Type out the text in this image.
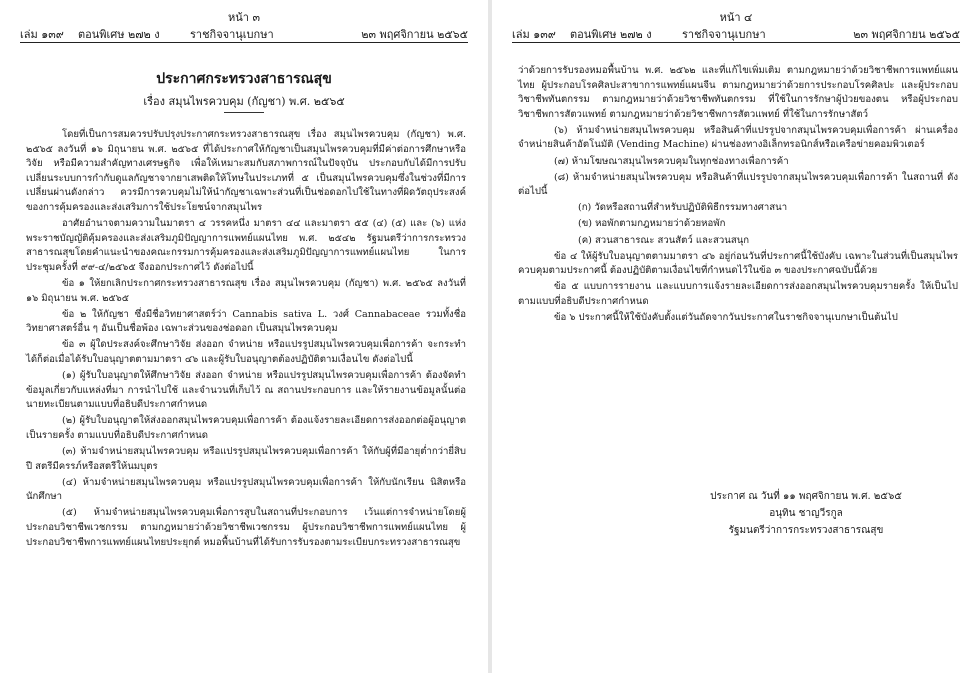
หน้า ๓
เล่ม ๑๓๙ ตอนพิเศษ ๒๗๒ ง	ราชกิจจานุเบกษา	๒๓ พฤศจิกายน ๒๕๖๕
ประกาศกระทรวงสาธารณสุข
เรื่อง สมุนไพรควบคุม (กัญชา) พ.ศ. ๒๕๖๕

โดยที่เป็นการสมควรปรับปรุงประกาศกระทรวงสาธารณสุข เรื่อง สมุนไพรควบคุม (กัญชา) พ.ศ. ๒๕๖๕ ลงวันที่ ๑๖ มิถุนายน พ.ศ. ๒๕๖๕ ที่ได้ประกาศให้กัญชาเป็นสมุนไพรควบคุมที่มีค่าต่อการศึกษาหรือวิจัย หรือมีความสำคัญทางเศรษฐกิจ เพื่อให้เหมาะสมกับสภาพการณ์ในปัจจุบัน ประกอบกับได้มีการปรับเปลี่ยนระบบการกำกับดูแลกัญชาจากยาเสพติดให้โทษในประเภทที่ ๕ เป็นสมุนไพรควบคุมซึ่งในช่วงที่มีการเปลี่ยนผ่านดังกล่าว ควรมีการควบคุมไม่ให้นำกัญชาเฉพาะส่วนที่เป็นช่อดอกไปใช้ในทางที่ผิดวัตถุประสงค์ของการคุ้มครองและส่งเสริมการใช้ประโยชน์จากสมุนไพร

อาศัยอำนาจตามความในมาตรา ๔ วรรคหนึ่ง มาตรา ๔๔ และมาตรา ๕๕ (๔) (๕) และ (๖) แห่งพระราชบัญญัติคุ้มครองและส่งเสริมภูมิปัญญาการแพทย์แผนไทย พ.ศ. ๒๕๔๒ รัฐมนตรีว่าการกระทรวงสาธารณสุขโดยคำแนะนำของคณะกรรมการคุ้มครองและส่งเสริมภูมิปัญญาการแพทย์แผนไทย ในการประชุมครั้งที่ ๙๙-๔/๒๕๖๕ จึงออกประกาศไว้ ดังต่อไปนี้

ข้อ ๑ ให้ยกเลิกประกาศกระทรวงสาธารณสุข เรื่อง สมุนไพรควบคุม (กัญชา) พ.ศ. ๒๕๖๕ ลงวันที่ ๑๖ มิถุนายน พ.ศ. ๒๕๖๕

ข้อ ๒ ให้กัญชา ซึ่งมีชื่อวิทยาศาสตร์ว่า Cannabis sativa L. วงศ์ Cannabaceae รวมทั้งชื่อวิทยาศาสตร์อื่น ๆ อันเป็นชื่อพ้อง เฉพาะส่วนของช่อดอก เป็นสมุนไพรควบคุม

ข้อ ๓ ผู้ใดประสงค์จะศึกษาวิจัย ส่งออก จำหน่าย หรือแปรรูปสมุนไพรควบคุมเพื่อการค้า จะกระทำได้ก็ต่อเมื่อได้รับใบอนุญาตตามมาตรา ๔๖ และผู้รับใบอนุญาตต้องปฏิบัติตามเงื่อนไข ดังต่อไปนี้

(๑) ผู้รับใบอนุญาตให้ศึกษาวิจัย ส่งออก จำหน่าย หรือแปรรูปสมุนไพรควบคุมเพื่อการค้า ต้องจัดทำข้อมูลเกี่ยวกับแหล่งที่มา การนำไปใช้ และจำนวนที่เก็บไว้ ณ สถานประกอบการ และให้รายงานข้อมูลนั้นต่อนายทะเบียนตามแบบที่อธิบดีประกาศกำหนด

(๒) ผู้รับใบอนุญาตให้ส่งออกสมุนไพรควบคุมเพื่อการค้า ต้องแจ้งรายละเอียดการส่งออกต่อผู้อนุญาตเป็นรายครั้ง ตามแบบที่อธิบดีประกาศกำหนด

(๓) ห้ามจำหน่ายสมุนไพรควบคุม หรือแปรรูปสมุนไพรควบคุมเพื่อการค้า ให้กับผู้ที่มีอายุต่ำกว่ายี่สิบปี สตรีมีครรภ์หรือสตรีให้นมบุตร

(๔) ห้ามจำหน่ายสมุนไพรควบคุม หรือแปรรูปสมุนไพรควบคุมเพื่อการค้า ให้กับนักเรียน นิสิตหรือนักศึกษา

(๕) ห้ามจำหน่ายสมุนไพรควบคุมเพื่อการสูบในสถานที่ประกอบการ เว้นแต่การจำหน่ายโดยผู้ประกอบวิชาชีพเวชกรรม ตามกฎหมายว่าด้วยวิชาชีพเวชกรรม ผู้ประกอบวิชาชีพการแพทย์แผนไทย ผู้ประกอบวิชาชีพการแพทย์แผนไทยประยุกต์ หมอพื้นบ้านที่ได้รับการรับรองตามระเบียบกระทรวงสาธารณสุข

หน้า ๔
เล่ม ๑๓๙ ตอนพิเศษ ๒๗๒ ง	ราชกิจจานุเบกษา	๒๓ พฤศจิกายน ๒๕๖๕

ว่าด้วยการรับรองหมอพื้นบ้าน พ.ศ. ๒๕๖๒ และที่แก้ไขเพิ่มเติม ตามกฎหมายว่าด้วยวิชาชีพการแพทย์แผนไทย ผู้ประกอบโรคศิลปะสาขาการแพทย์แผนจีน ตามกฎหมายว่าด้วยการประกอบโรคศิลปะ และผู้ประกอบวิชาชีพทันตกรรม ตามกฎหมายว่าด้วยวิชาชีพทันตกรรม ที่ใช้ในการรักษาผู้ป่วยของตน หรือผู้ประกอบวิชาชีพการสัตวแพทย์ ตามกฎหมายว่าด้วยวิชาชีพการสัตวแพทย์ ที่ใช้ในการรักษาสัตว์

(๖) ห้ามจำหน่ายสมุนไพรควบคุม หรือสินค้าที่แปรรูปจากสมุนไพรควบคุมเพื่อการค้า ผ่านเครื่องจำหน่ายสินค้าอัตโนมัติ (Vending Machine) ผ่านช่องทางอิเล็กทรอนิกส์หรือเครือข่ายคอมพิวเตอร์

(๗) ห้ามโฆษณาสมุนไพรควบคุมในทุกช่องทางเพื่อการค้า

(๘) ห้ามจำหน่ายสมุนไพรควบคุม หรือสินค้าที่แปรรูปจากสมุนไพรควบคุมเพื่อการค้า ในสถานที่ ดังต่อไปนี้

(ก) วัดหรือสถานที่สำหรับปฏิบัติพิธีกรรมทางศาสนา

(ข) หอพักตามกฎหมายว่าด้วยหอพัก

(ค) สวนสาธารณะ สวนสัตว์ และสวนสนุก

ข้อ ๔ ให้ผู้รับใบอนุญาตตามมาตรา ๔๖ อยู่ก่อนวันที่ประกาศนี้ใช้บังคับ เฉพาะในส่วนที่เป็นสมุนไพรควบคุมตามประกาศนี้ ต้องปฏิบัติตามเงื่อนไขที่กำหนดไว้ในข้อ ๓ ของประกาศฉบับนี้ด้วย

ข้อ ๕ แบบการรายงาน และแบบการแจ้งรายละเอียดการส่งออกสมุนไพรควบคุมรายครั้ง ให้เป็นไปตามแบบที่อธิบดีประกาศกำหนด

ข้อ ๖ ประกาศนี้ให้ใช้บังคับตั้งแต่วันถัดจากวันประกาศในราชกิจจานุเบกษาเป็นต้นไป

ประกาศ ณ วันที่ ๑๑ พฤศจิกายน พ.ศ. ๒๕๖๕
อนุทิน ชาญวีรกูล
รัฐมนตรีว่าการกระทรวงสาธารณสุข
